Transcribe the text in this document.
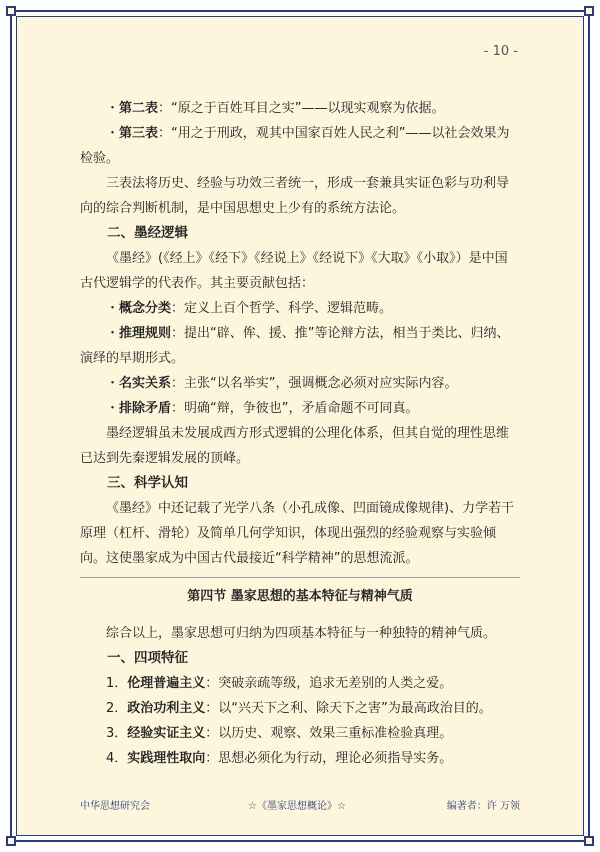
- 10 -

・第二表：“原之于百姓耳目之实”——以现实观察为依据。

・第三表：“用之于刑政，观其中国家百姓人民之利”——以社会效果为检验。

三表法将历史、经验与功效三者统一，形成一套兼具实证色彩与功利导向的综合判断机制，是中国思想史上少有的系统方法论。

二、墨经逻辑

《墨经》(《经上》《经下》《经说上》《经说下》《大取》《小取》）是中国古代逻辑学的代表作。其主要贡献包括：

・概念分类：定义上百个哲学、科学、逻辑范畴。

・推理规则：提出“辟、侔、援、推”等论辩方法，相当于类比、归纳、演绎的早期形式。

・名实关系：主张“以名举实”，强调概念必须对应实际内容。

・排除矛盾：明确“辩，争彼也”，矛盾命题不可同真。

墨经逻辑虽未发展成西方形式逻辑的公理化体系，但其自觉的理性思维已达到先秦逻辑发展的顶峰。

三、科学认知

《墨经》中还记载了光学八条（小孔成像、凹面镜成像规律)、力学若干原理（杠杆、滑轮）及简单几何学知识，体现出强烈的经验观察与实验倾向。这使墨家成为中国古代最接近“科学精神”的思想流派。

第四节 墨家思想的基本特征与精神气质

综合以上，墨家思想可归纳为四项基本特征与一种独特的精神气质。

一、四项特征

1．伦理普遍主义：突破亲疏等级，追求无差别的人类之爱。

2．政治功利主义：以“兴天下之利、除天下之害”为最高政治目的。

3．经验实证主义：以历史、观察、效果三重标准检验真理。

4．实践理性取向：思想必须化为行动，理论必须指导实务。

中华思想研究会	☆《墨家思想概论》☆	编著者：许 万领
